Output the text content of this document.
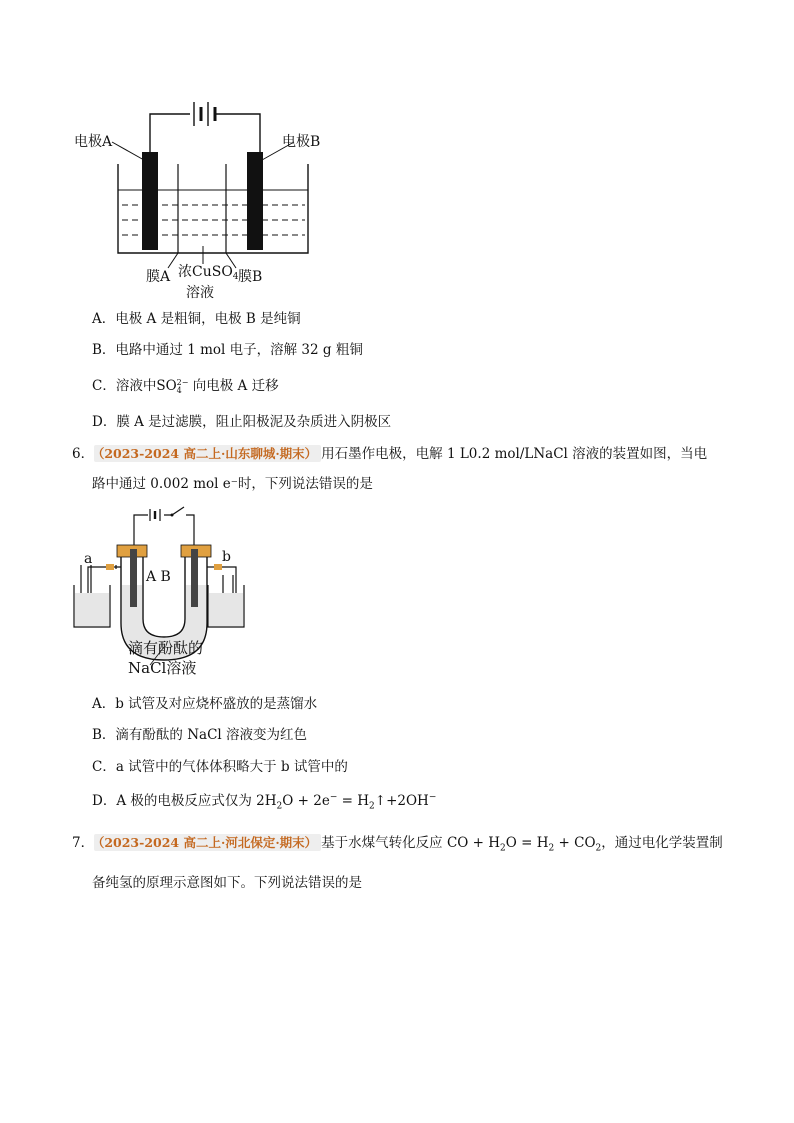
电极A	电极B
膜A 浓CuSO$_4$
溶液
膜B
A．电极 A 是粗铜，电极 B 是纯铜
B．电路中通过 1 mol 电子，溶解 32 g 粗铜
C．溶液中SO 2−
4 向电极 A 迁移
D．膜 A 是过滤膜，阻止阳极泥及杂质进入阴极区
6． （2023-2024 高二上·山东聊城·期末） 用石墨作电极，电解 1 L0.2 mol/LNaCl 溶液的装置如图，当电
路中通过 0.002 mol e⁻时，下列说法错误的是
a	b
A B
滴有酚酞的
NaCl溶液
A．b 试管及对应烧杯盛放的是蒸馏水
B．滴有酚酞的 NaCl 溶液变为红色
C．a 试管中的气体体积略大于 b 试管中的
D．A 极的电极反应式仅为 $2H_2O + 2e^-$ = $H_2↑+2OH^-$
7． （2023-2024 高二上·河北保定·期末） 基于水煤气转化反应 CO + $H_2O = H_2 + CO_2$，通过电化学装置制
备纯氢的原理示意图如下。下列说法错误的是
